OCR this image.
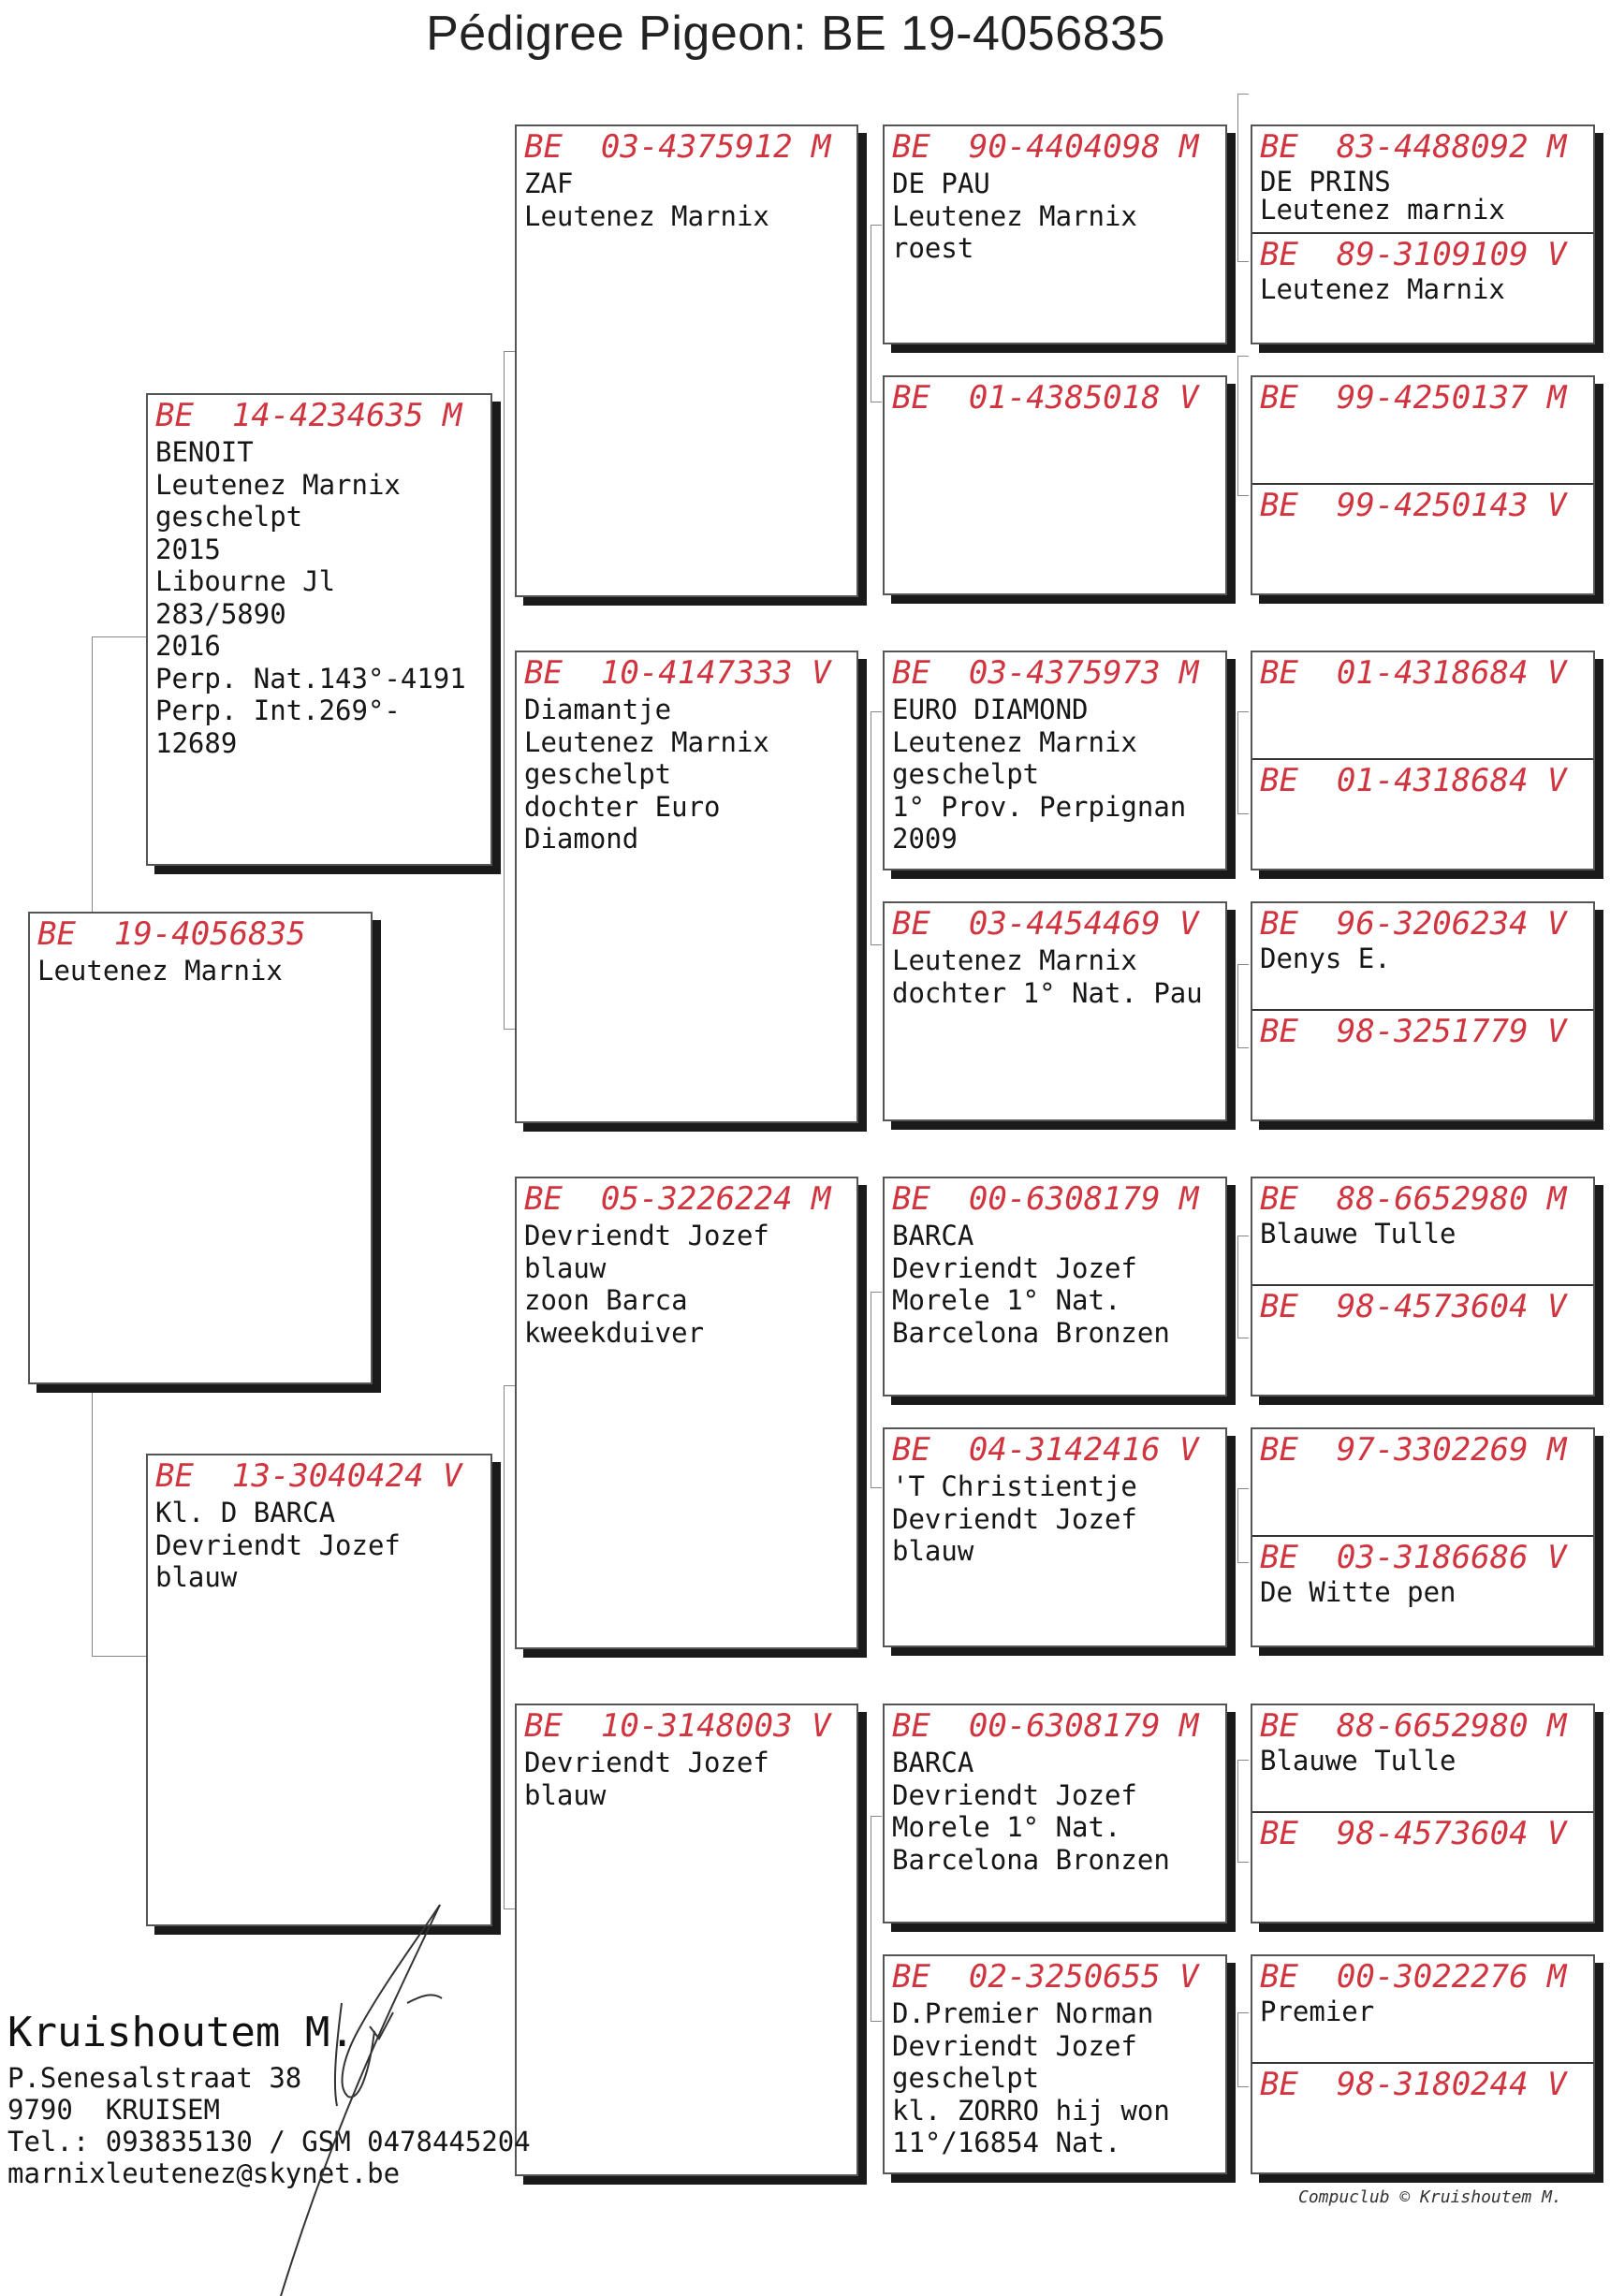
Pédigree Pigeon: BE 19-4056835
BE  19-4056835
Leutenez Marnix
BE  14-4234635 M
BENOIT
Leutenez Marnix
geschelpt
2015
Libourne Jl
283/5890
2016
Perp. Nat.143°-4191
Perp. Int.269°-
12689
BE  13-3040424 V
Kl. D BARCA
Devriendt Jozef
blauw
BE  03-4375912 M
ZAF
Leutenez Marnix
BE  10-4147333 V
Diamantje
Leutenez Marnix
geschelpt
dochter Euro
Diamond
BE  05-3226224 M
Devriendt Jozef
blauw
zoon Barca
kweekduiver
BE  10-3148003 V
Devriendt Jozef
blauw
BE  90-4404098 M
DE PAU
Leutenez Marnix
roest
BE  01-4385018 V
BE  03-4375973 M
EURO DIAMOND
Leutenez Marnix
geschelpt
1° Prov. Perpignan
2009
BE  03-4454469 V
Leutenez Marnix
dochter 1° Nat. Pau
BE  00-6308179 M
BARCA
Devriendt Jozef
Morele 1° Nat.
Barcelona Bronzen
BE  04-3142416 V
'T Christientje
Devriendt Jozef
blauw
BE  00-6308179 M
BARCA
Devriendt Jozef
Morele 1° Nat.
Barcelona Bronzen
BE  02-3250655 V
D.Premier Norman
Devriendt Jozef
geschelpt
kl. ZORRO hij won
11°/16854 Nat.
BE  83-4488092 M
DE PRINS
Leutenez marnix
BE  89-3109109 V
Leutenez Marnix
BE  99-4250137 M
BE  99-4250143 V
BE  01-4318684 V
BE  01-4318684 V
BE  96-3206234 V
Denys E.
BE  98-3251779 V
BE  88-6652980 M
Blauwe Tulle
BE  98-4573604 V
BE  97-3302269 M
BE  03-3186686 V
De Witte pen
BE  88-6652980 M
Blauwe Tulle
BE  98-4573604 V
BE  00-3022276 M
Premier
BE  98-3180244 V
Kruishoutem M.
P.Senesalstraat 38
9790  KRUISEM
Tel.: 093835130 / GSM 0478445204
marnixleutenez@skynet.be
Compuclub © Kruishoutem M.
